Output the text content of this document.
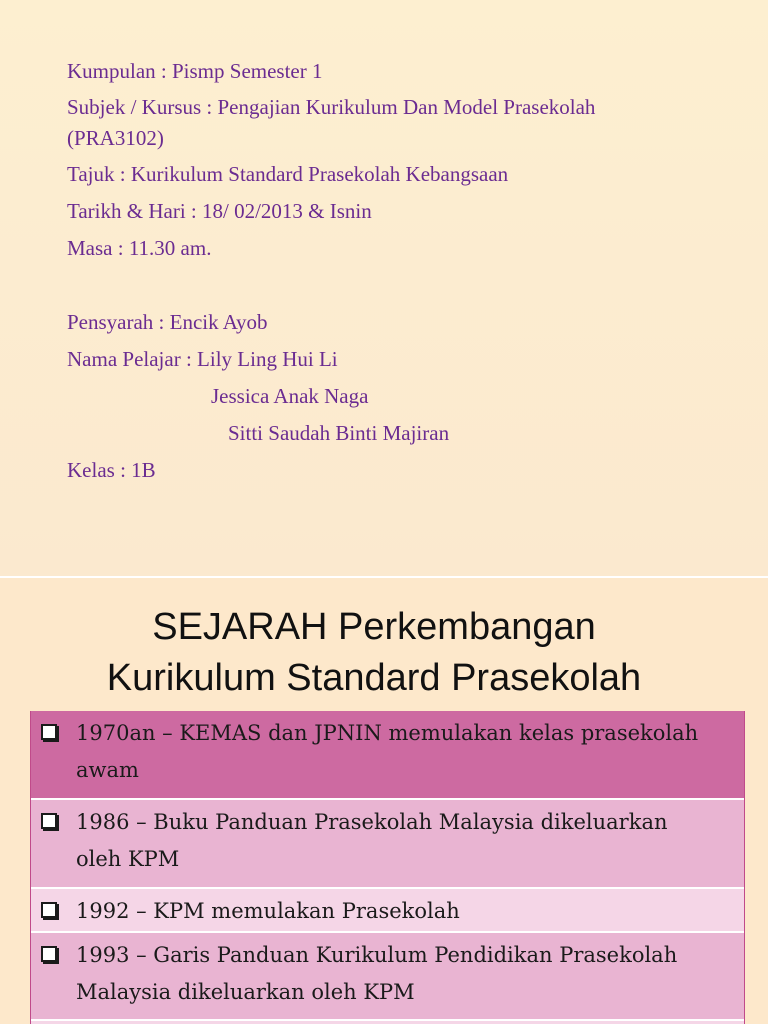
Kumpulan : Pismp Semester 1
Subjek / Kursus : Pengajian Kurikulum Dan Model Prasekolah
(PRA3102)
Tajuk : Kurikulum Standard Prasekolah Kebangsaan
Tarikh & Hari : 18/ 02/2013 & Isnin
Masa : 11.30 am.
Pensyarah : Encik Ayob
Nama Pelajar : Lily Ling Hui Li
Jessica Anak Naga
Sitti Saudah Binti Majiran
Kelas : 1B
SEJARAH Perkembangan
Kurikulum Standard Prasekolah
1970an – KEMAS dan JPNIN memulakan kelas prasekolah awam
1986 – Buku Panduan Prasekolah Malaysia dikeluarkan oleh KPM
1992 – KPM memulakan Prasekolah
1993 – Garis Panduan Kurikulum Pendidikan Prasekolah Malaysia dikeluarkan oleh KPM
